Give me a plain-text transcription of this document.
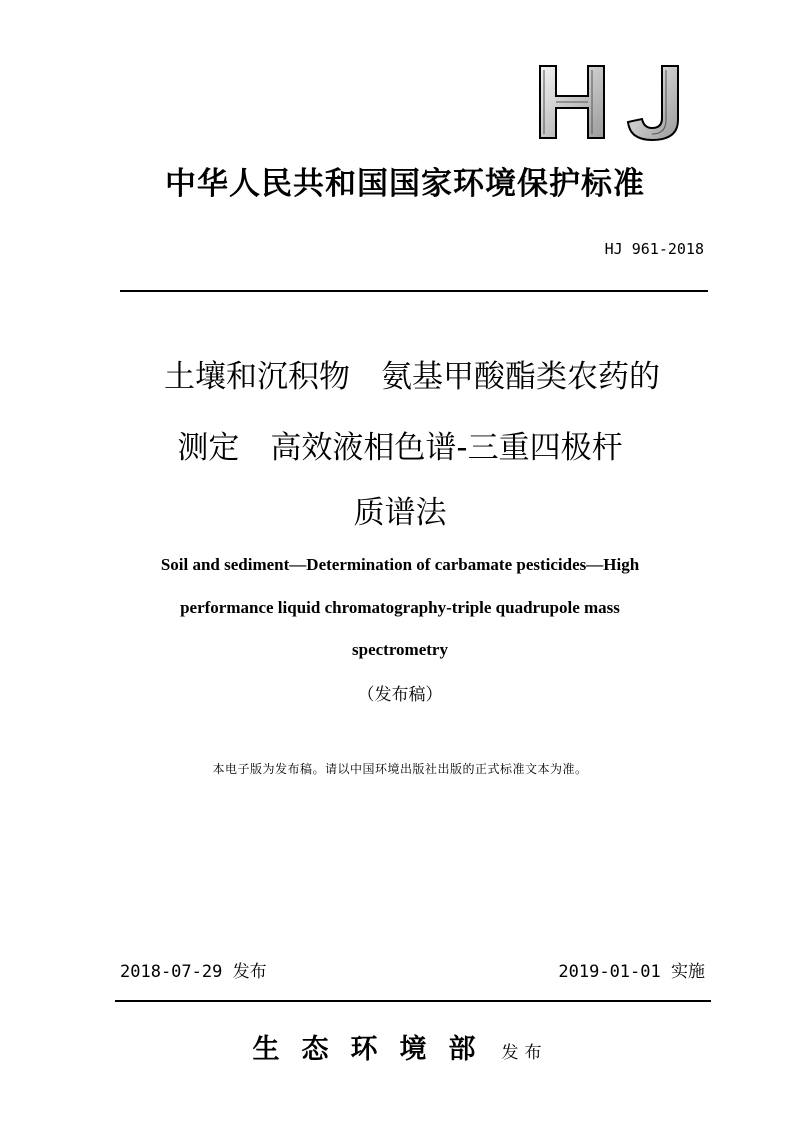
中华人民共和国国家环境保护标准
HJ 961-2018
土壤和沉积物　氨基甲酸酯类农药的
测定　高效液相色谱-三重四极杆
质谱法
Soil and sediment—Determination of carbamate pesticides—High
performance liquid chromatography-triple quadrupole mass
spectrometry
（发布稿）
本电子版为发布稿。请以中国环境出版社出版的正式标准文本为准。
2018-07-29 发布	2019-01-01 实施
生态环境部 发布
